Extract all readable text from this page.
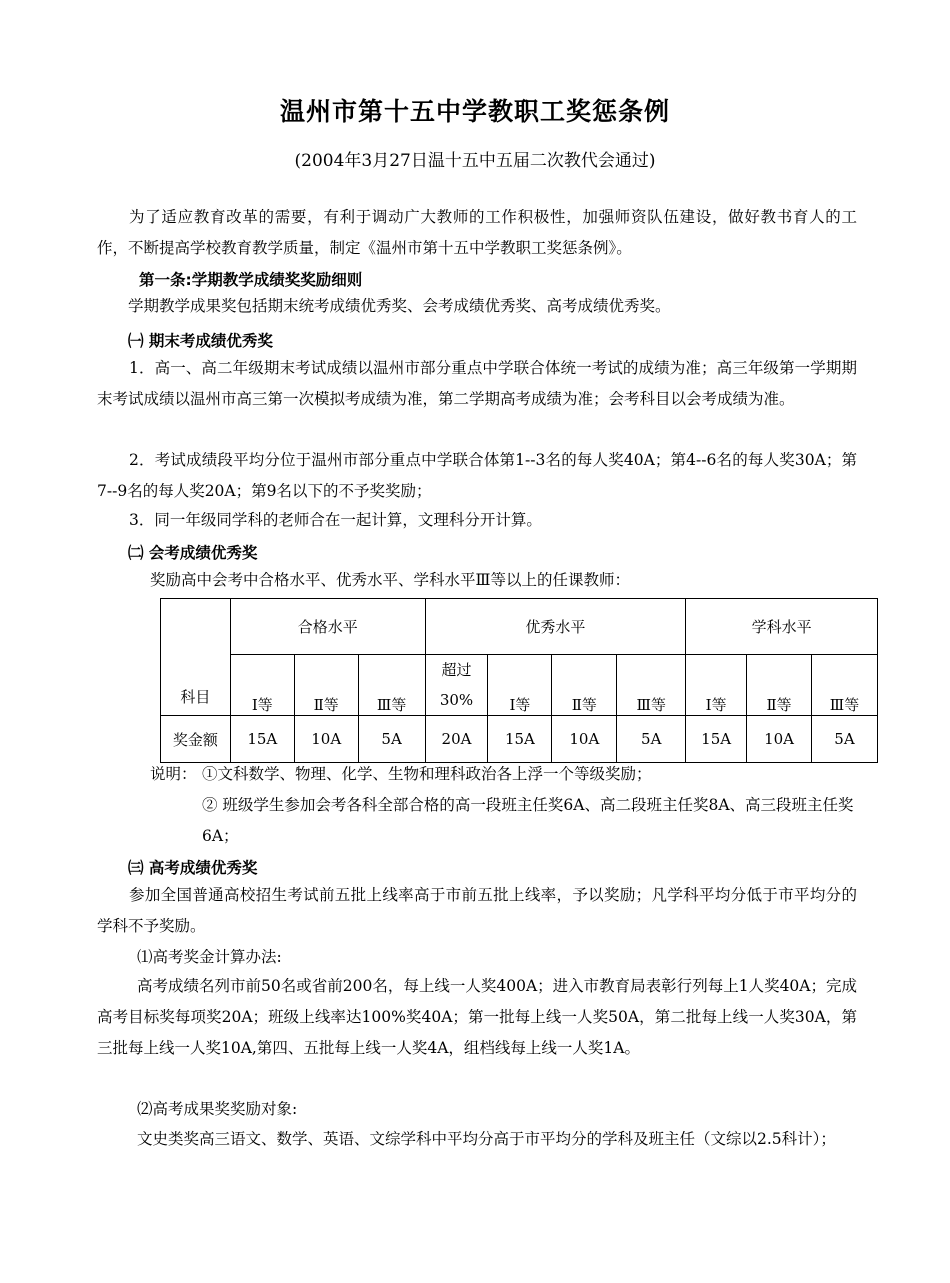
温州市第十五中学教职工奖惩条例
(2004年3月27日温十五中五届二次教代会通过)

为了适应教育改革的需要，有利于调动广大教师的工作积极性，加强师资队伍建设，做好教书育人的工作，不断提高学校教育教学质量，制定《温州市第十五中学教职工奖惩条例》。

第一条:学期教学成绩奖奖励细则

学期教学成果奖包括期末统考成绩优秀奖、会考成绩优秀奖、高考成绩优秀奖。

㈠ 期末考成绩优秀奖

1．高一、高二年级期末考试成绩以温州市部分重点中学联合体统一考试的成绩为准；高三年级第一学期期末考试成绩以温州市高三第一次模拟考成绩为准，第二学期高考成绩为准；会考科目以会考成绩为准。

2．考试成绩段平均分位于温州市部分重点中学联合体第1--3名的每人奖40A；第4--6名的每人奖30A；第7--9名的每人奖20A；第9名以下的不予奖奖励；

3．同一年级同学科的老师合在一起计算，文理科分开计算。

㈡ 会考成绩优秀奖

奖励高中会考中合格水平、优秀水平、学科水平Ⅲ等以上的任课教师：

科目	合格水平			优秀水平				学科水平		
	Ⅰ等	Ⅱ等	Ⅲ等	超过30%	Ⅰ等	Ⅱ等	Ⅲ等	Ⅰ等	Ⅱ等	Ⅲ等
奖金额	15A	10A	5A	20A	15A	10A	5A	15A	10A	5A

说明： ①文科数学、物理、化学、生物和理科政治各上浮一个等级奖励；

② 班级学生参加会考各科全部合格的高一段班主任奖6A、高二段班主任奖8A、高三段班主任奖6A；

㈢ 高考成绩优秀奖

参加全国普通高校招生考试前五批上线率高于市前五批上线率，予以奖励；凡学科平均分低于市平均分的学科不予奖励。

⑴高考奖金计算办法:

高考成绩名列市前50名或省前200名，每上线一人奖400A；进入市教育局表彰行列每上1人奖40A；完成高考目标奖每项奖20A；班级上线率达100%奖40A；第一批每上线一人奖50A，第二批每上线一人奖30A，第三批每上线一人奖10A,第四、五批每上线一人奖4A，组档线每上线一人奖1A。

⑵高考成果奖奖励对象:

文史类奖高三语文、数学、英语、文综学科中平均分高于市平均分的学科及班主任（文综以2.5科计）；
